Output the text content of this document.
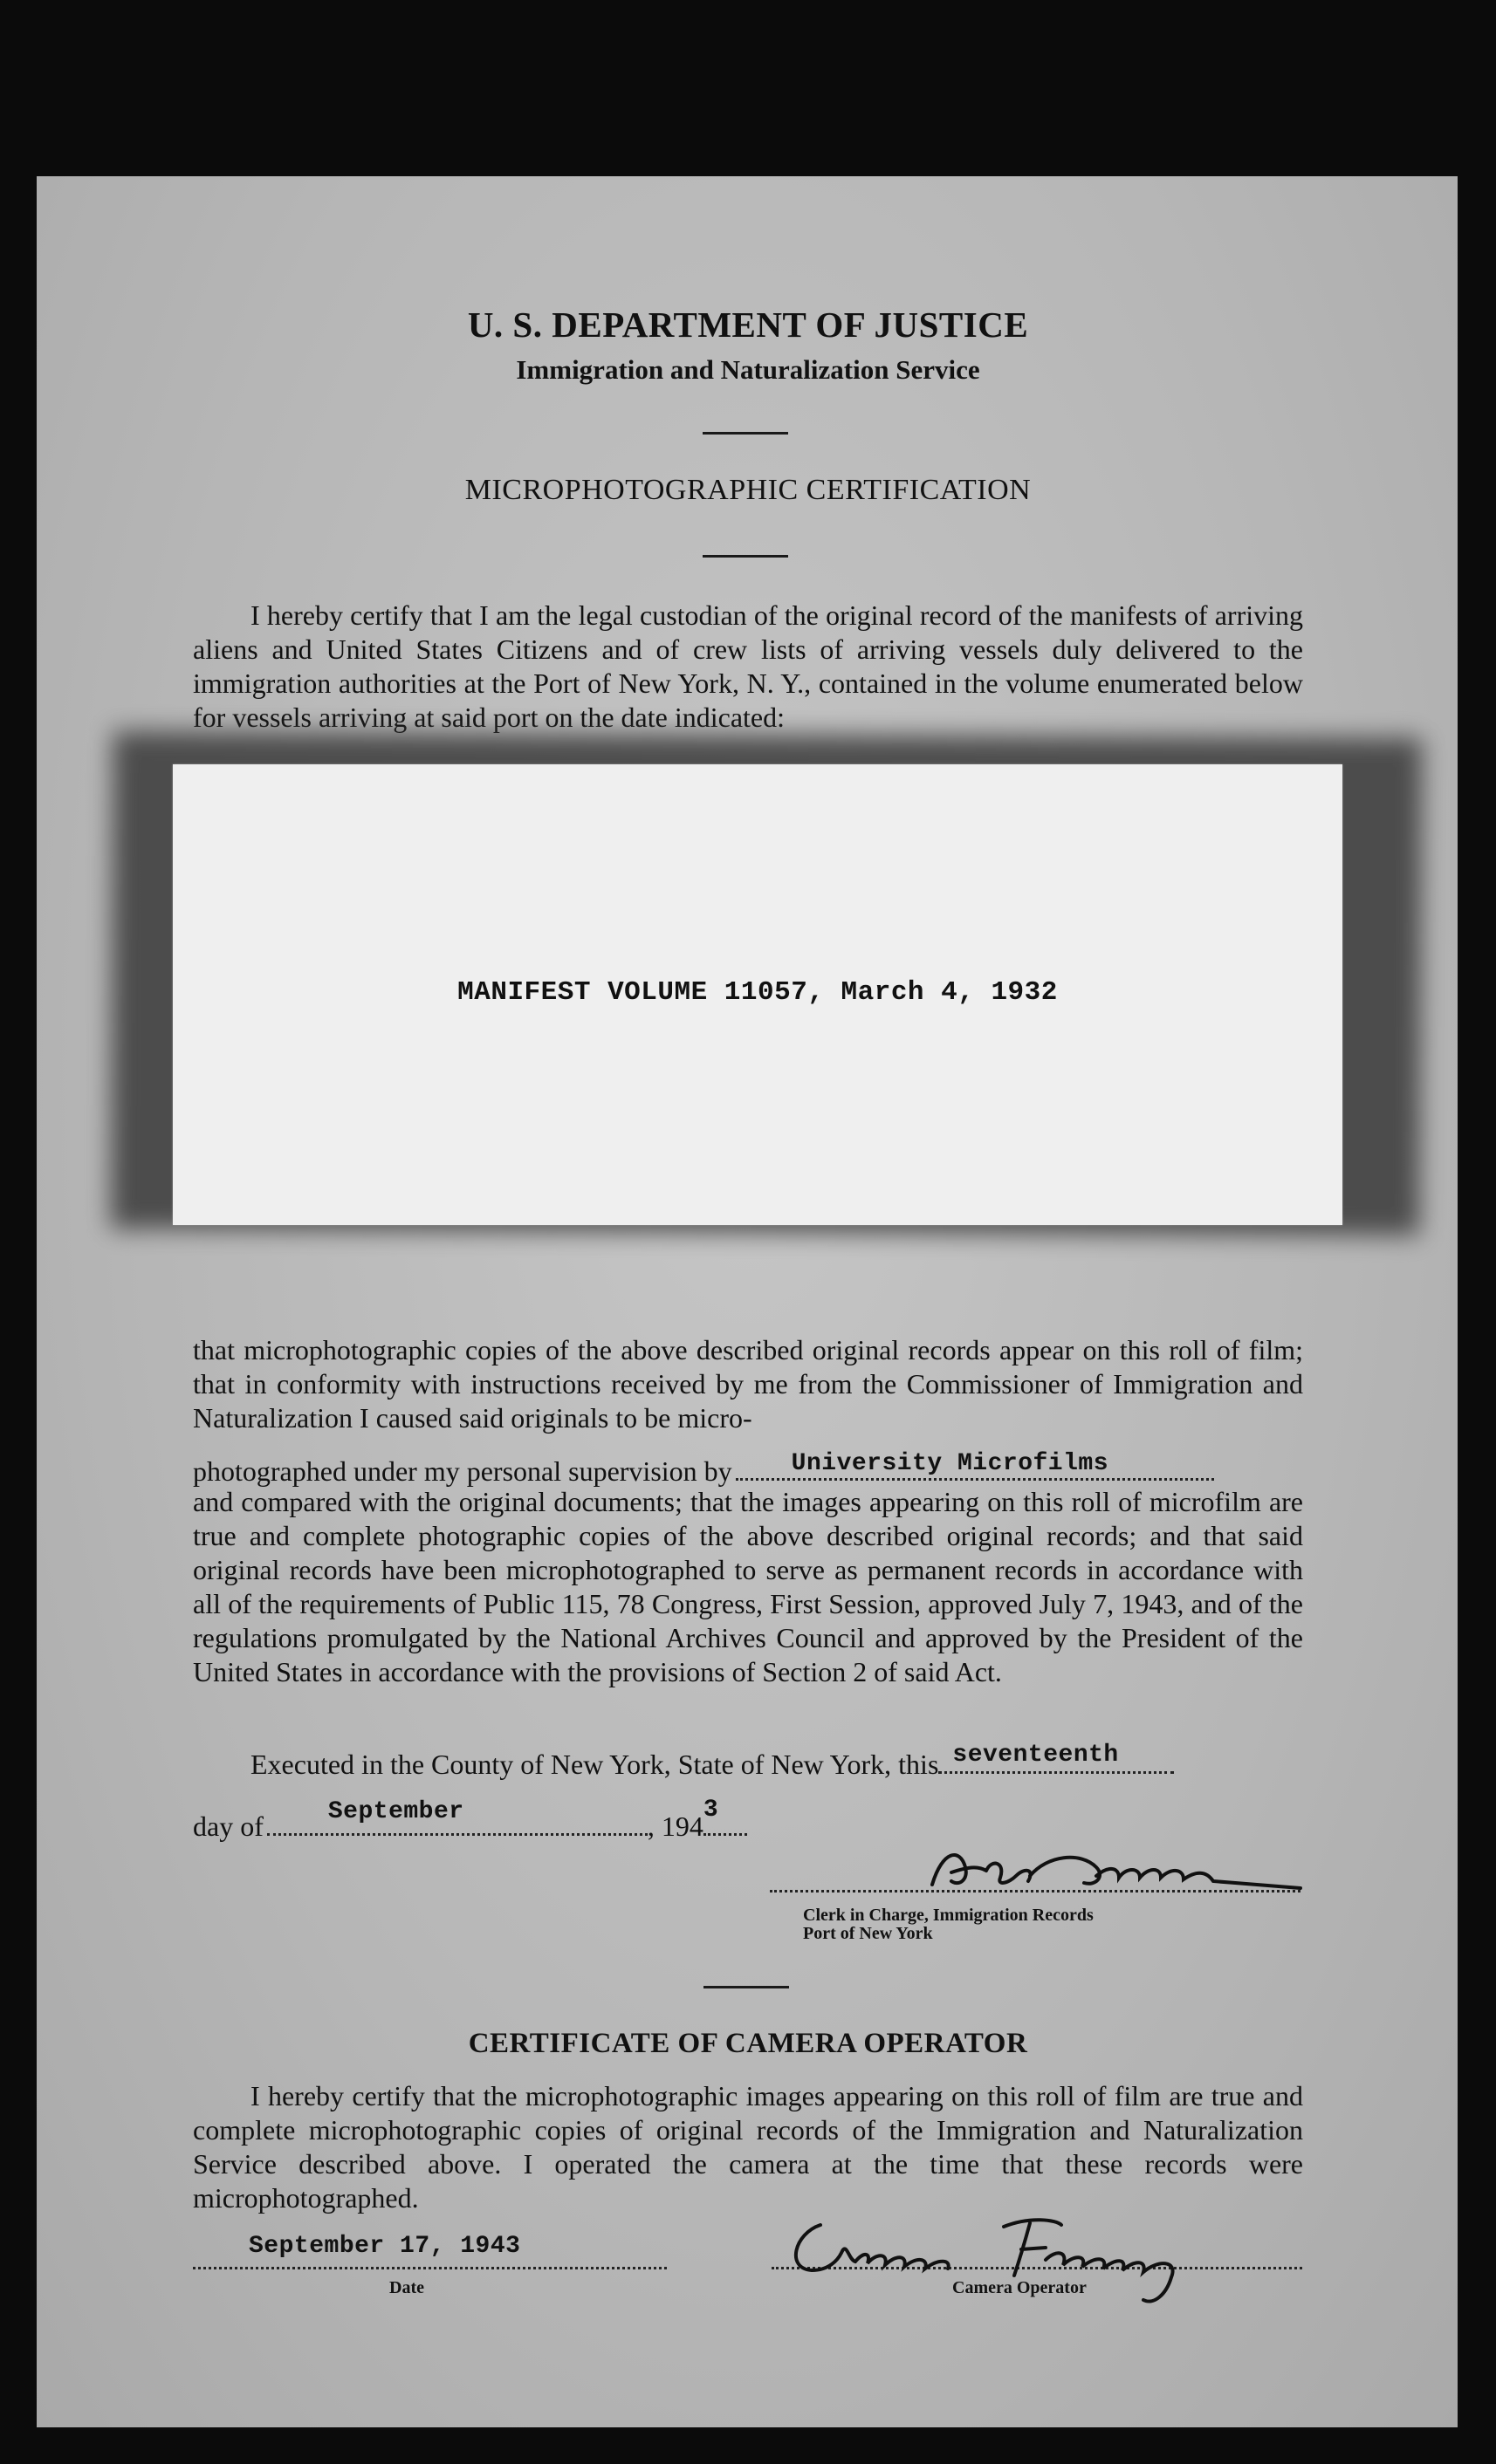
U. S. DEPARTMENT OF JUSTICE
Immigration and Naturalization Service
MICROPHOTOGRAPHIC CERTIFICATION
I hereby certify that I am the legal custodian of the original record of the manifests of arriving aliens and United States Citizens and of crew lists of arriving vessels duly delivered to the immigration authorities at the Port of New York, N. Y., contained in the volume enumerated below for vessels arriving at said port on the date indicated:
MANIFEST VOLUME 11057, March 4, 1932
that microphotographic copies of the above described original records appear on this roll of film; that in conformity with instructions received by me from the Commissioner of Immigration and Naturalization I caused said originals to be micro-
photographed under my personal supervision by University Microfilms
and compared with the original documents; that the images appearing on this roll of microfilm are true and complete photographic copies of the above described original records; and that said original records have been microphotographed to serve as permanent records in accordance with all of the requirements of Public 115, 78 Congress, First Session, approved July 7, 1943, and of the regulations promulgated by the National Archives Council and approved by the President of the United States in accordance with the provisions of Section 2 of said Act.
Executed in the County of New York, State of New York, this seventeenth
day of	September	, 194
3
Clerk in Charge, Immigration Records
Port of New York
CERTIFICATE OF CAMERA OPERATOR
I hereby certify that the microphotographic images appearing on this roll of film are true and complete microphotographic copies of original records of the Immigration and Naturalization Service described above. I operated the camera at the time that these records were microphotographed.
September 17, 1943
Date	Camera Operator
